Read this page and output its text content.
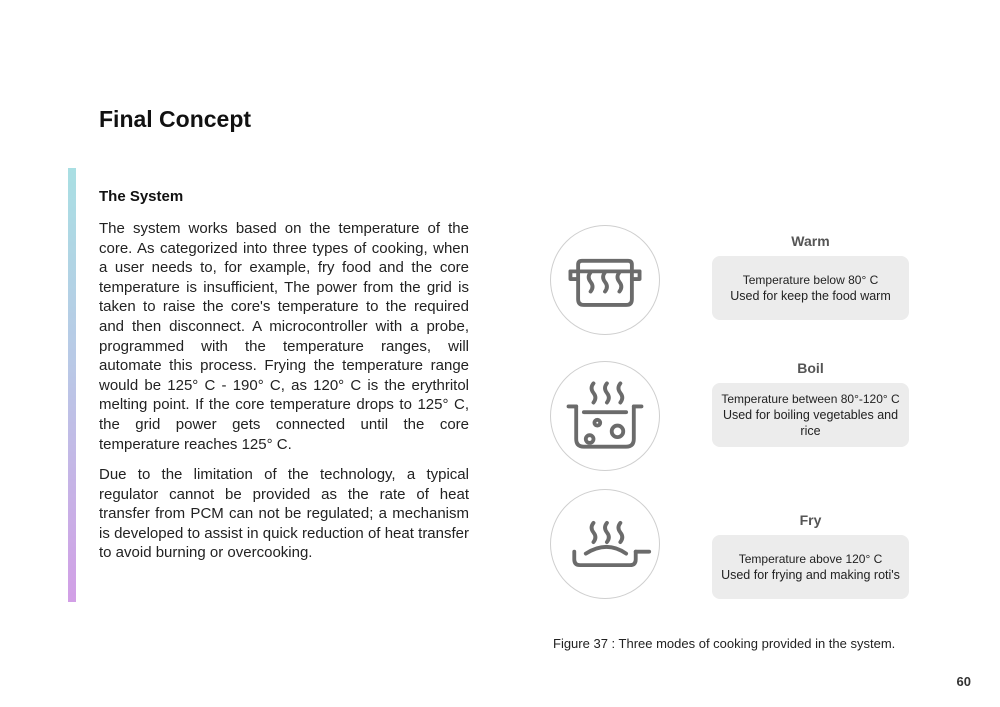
Final Concept
The System

The system works based on the temperature of the core. As categorized into three types of cooking, when a user needs to, for example, fry food and the core temperature is insufficient, The power from the grid is taken to raise the core's temperature to the required and then disconnect. A microcontroller with a probe, programmed with the temperature ranges, will automate this process. Frying the temperature range would be 125° C - 190° C, as 120° C is the erythritol melting point. If the core temperature drops to 125° C, the grid power gets connected until the core temperature reaches 125° C.

Due to the limitation of the technology, a typical regulator cannot be provided as the rate of heat transfer from PCM can not be regulated; a mechanism is developed to assist in quick reduction of heat transfer to avoid burning or overcooking.

Warm
Temperature below 80° C
Used for keep the food warm
Boil
Temperature between 80°-120° C
Used for boiling vegetables and rice
Fry
Temperature above 120° C
Used for frying and making roti's
Figure 37 : Three modes of cooking provided in the system.
60
